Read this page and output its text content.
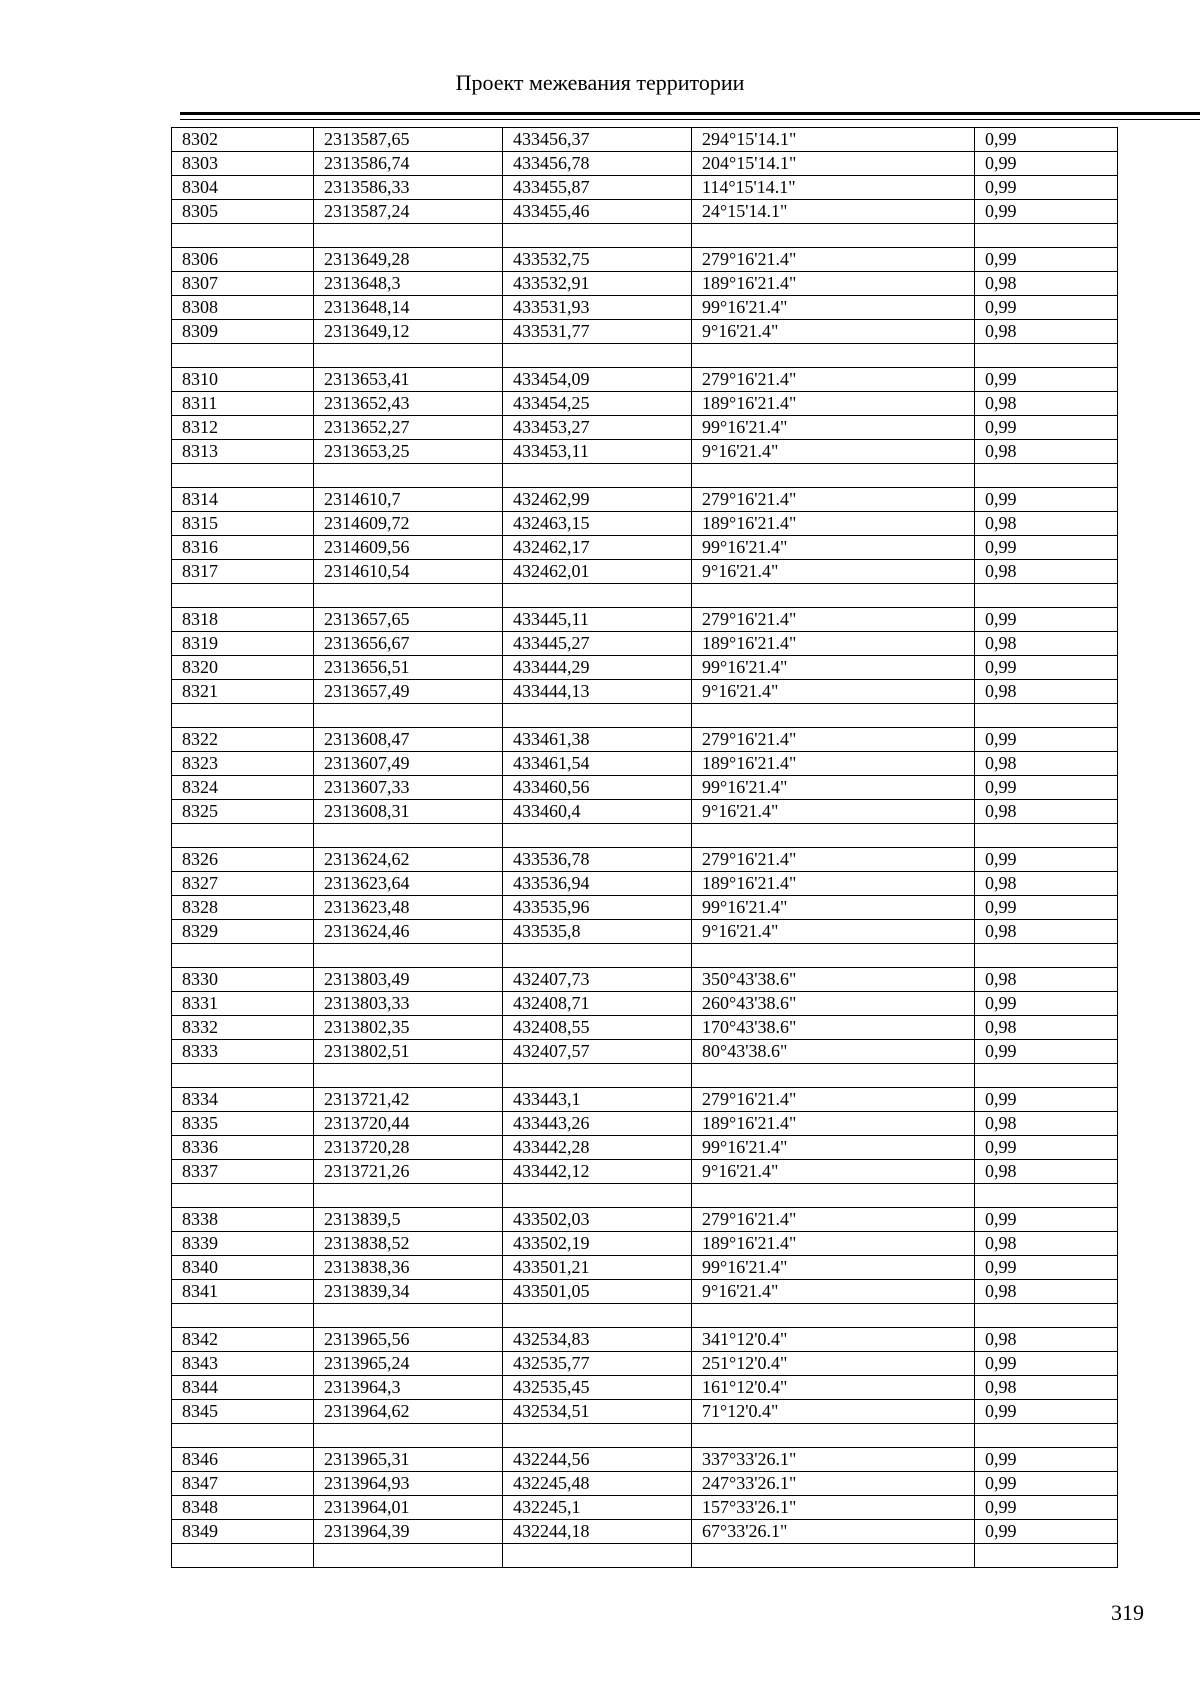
Проект межевания территории
8302	2313587,65	433456,37	294°15'14.1"	0,99
8303	2313586,74	433456,78	204°15'14.1"	0,99
8304	2313586,33	433455,87	114°15'14.1"	0,99
8305	2313587,24	433455,46	24°15'14.1"	0,99

8306	2313649,28	433532,75	279°16'21.4"	0,99
8307	2313648,3	433532,91	189°16'21.4"	0,98
8308	2313648,14	433531,93	99°16'21.4"	0,99
8309	2313649,12	433531,77	9°16'21.4"	0,98

8310	2313653,41	433454,09	279°16'21.4"	0,99
8311	2313652,43	433454,25	189°16'21.4"	0,98
8312	2313652,27	433453,27	99°16'21.4"	0,99
8313	2313653,25	433453,11	9°16'21.4"	0,98

8314	2314610,7	432462,99	279°16'21.4"	0,99
8315	2314609,72	432463,15	189°16'21.4"	0,98
8316	2314609,56	432462,17	99°16'21.4"	0,99
8317	2314610,54	432462,01	9°16'21.4"	0,98

8318	2313657,65	433445,11	279°16'21.4"	0,99
8319	2313656,67	433445,27	189°16'21.4"	0,98
8320	2313656,51	433444,29	99°16'21.4"	0,99
8321	2313657,49	433444,13	9°16'21.4"	0,98

8322	2313608,47	433461,38	279°16'21.4"	0,99
8323	2313607,49	433461,54	189°16'21.4"	0,98
8324	2313607,33	433460,56	99°16'21.4"	0,99
8325	2313608,31	433460,4	9°16'21.4"	0,98

8326	2313624,62	433536,78	279°16'21.4"	0,99
8327	2313623,64	433536,94	189°16'21.4"	0,98
8328	2313623,48	433535,96	99°16'21.4"	0,99
8329	2313624,46	433535,8	9°16'21.4"	0,98

8330	2313803,49	432407,73	350°43'38.6"	0,98
8331	2313803,33	432408,71	260°43'38.6"	0,99
8332	2313802,35	432408,55	170°43'38.6"	0,98
8333	2313802,51	432407,57	80°43'38.6"	0,99

8334	2313721,42	433443,1	279°16'21.4"	0,99
8335	2313720,44	433443,26	189°16'21.4"	0,98
8336	2313720,28	433442,28	99°16'21.4"	0,99
8337	2313721,26	433442,12	9°16'21.4"	0,98

8338	2313839,5	433502,03	279°16'21.4"	0,99
8339	2313838,52	433502,19	189°16'21.4"	0,98
8340	2313838,36	433501,21	99°16'21.4"	0,99
8341	2313839,34	433501,05	9°16'21.4"	0,98

8342	2313965,56	432534,83	341°12'0.4"	0,98
8343	2313965,24	432535,77	251°12'0.4"	0,99
8344	2313964,3	432535,45	161°12'0.4"	0,98
8345	2313964,62	432534,51	71°12'0.4"	0,99

8346	2313965,31	432244,56	337°33'26.1"	0,99
8347	2313964,93	432245,48	247°33'26.1"	0,99
8348	2313964,01	432245,1	157°33'26.1"	0,99
8349	2313964,39	432244,18	67°33'26.1"	0,99

319
